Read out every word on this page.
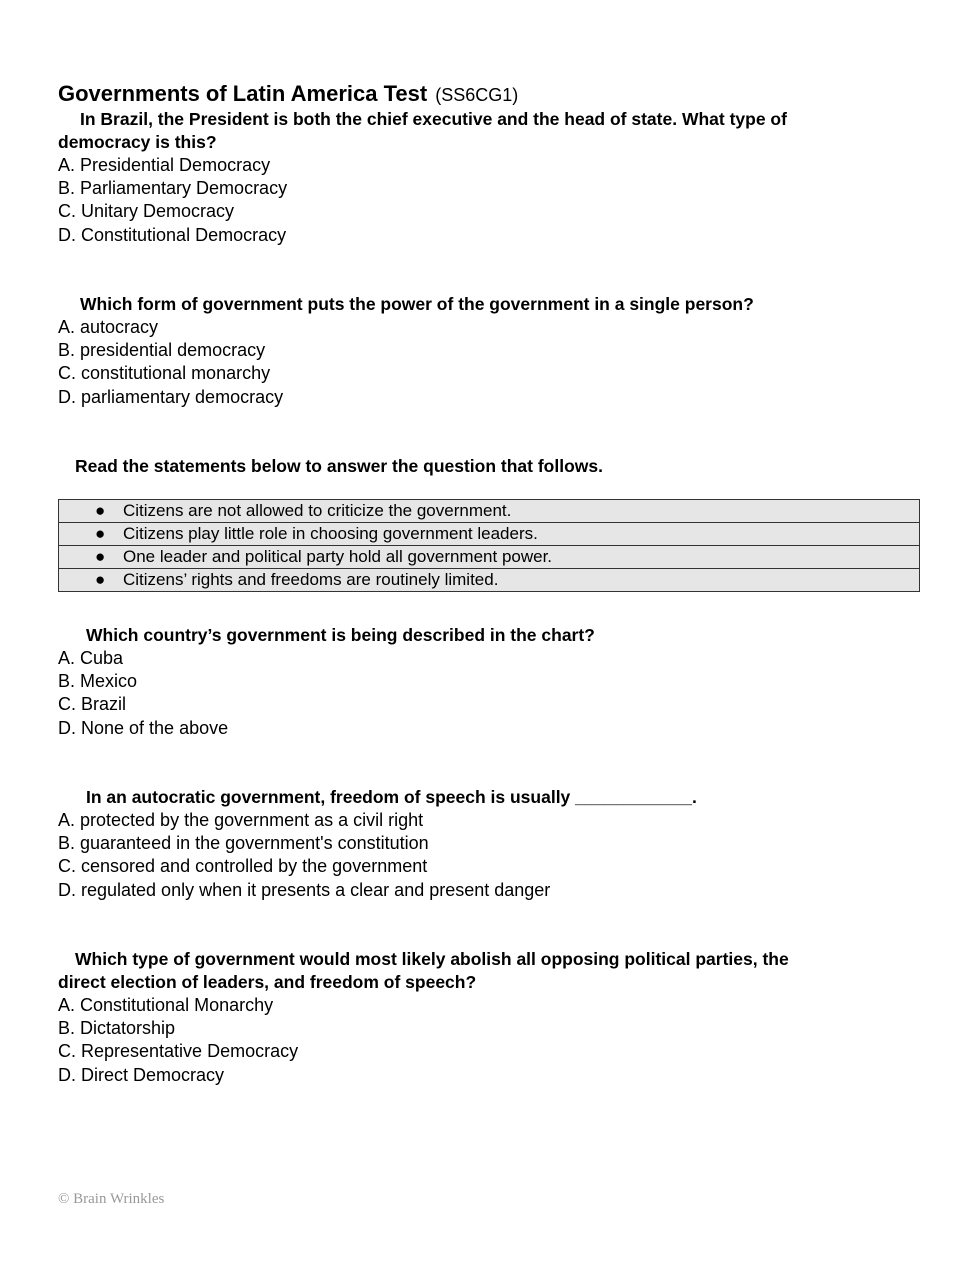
Governments of Latin America Test (SS6CG1)
In Brazil, the President is both the chief executive and the head of state. What type of
democracy is this?
A. Presidential Democracy
B. Parliamentary Democracy
C. Unitary Democracy
D. Constitutional Democracy
Which form of government puts the power of the government in a single person?
A. autocracy
B. presidential democracy
C. constitutional monarchy
D. parliamentary democracy
Read the statements below to answer the question that follows.
● Citizens are not allowed to criticize the government.
● Citizens play little role in choosing government leaders.
● One leader and political party hold all government power.
● Citizens’ rights and freedoms are routinely limited.
Which country’s government is being described in the chart?
A. Cuba
B. Mexico
C. Brazil
D. None of the above
In an autocratic government, freedom of speech is usually ____________.
A. protected by the government as a civil right
B. guaranteed in the government's constitution
C. censored and controlled by the government
D. regulated only when it presents a clear and present danger
Which type of government would most likely abolish all opposing political parties, the
direct election of leaders, and freedom of speech?
A. Constitutional Monarchy
B. Dictatorship
C. Representative Democracy
D. Direct Democracy
© Brain Wrinkles
